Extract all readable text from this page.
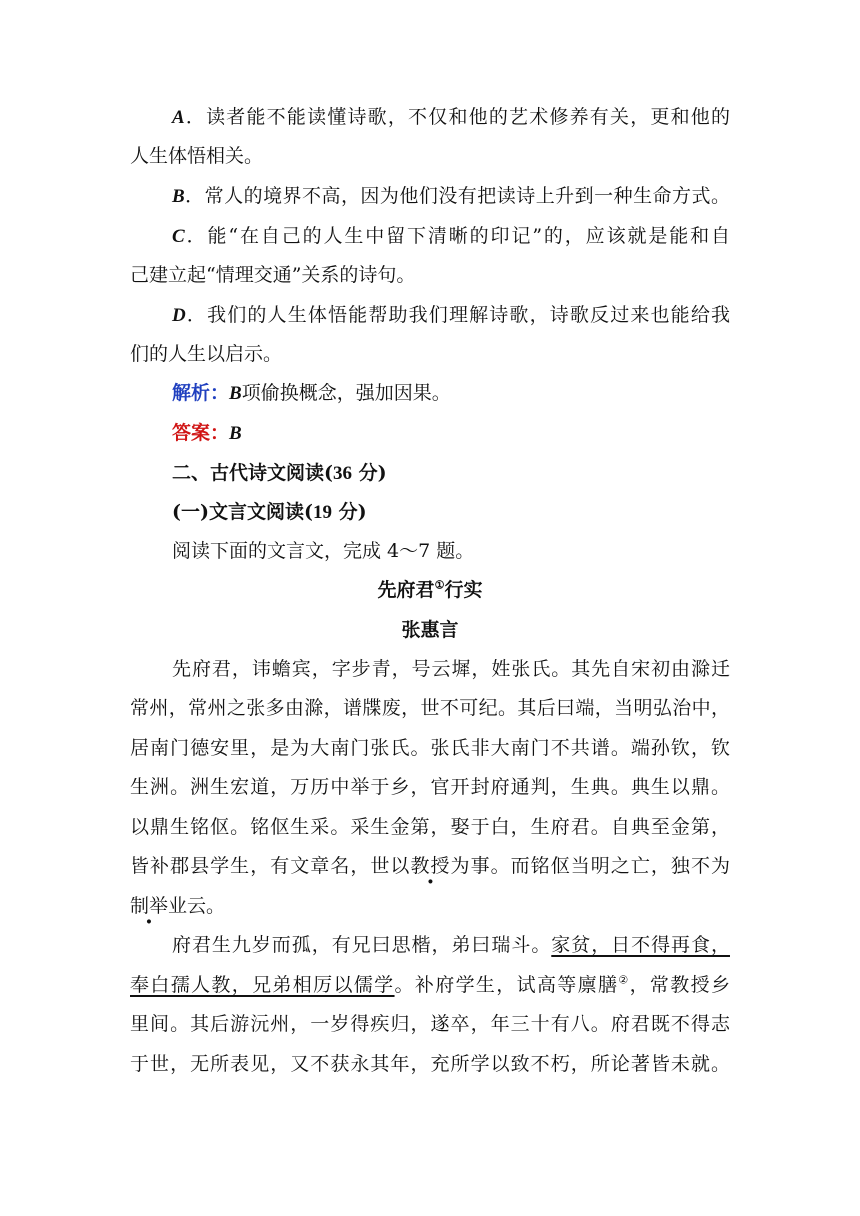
A．读者能不能读懂诗歌，不仅和他的艺术修养有关，更和他的
人生体悟相关。
B．常人的境界不高，因为他们没有把读诗上升到一种生命方式。
C．能“在自己的人生中留下清晰的印记”的，应该就是能和自
己建立起“情理交通”关系的诗句。
D．我们的人生体悟能帮助我们理解诗歌，诗歌反过来也能给我
们的人生以启示。
解析：B项偷换概念，强加因果。
答案：B
二、古代诗文阅读(36 分)
(一)文言文阅读(19 分)
阅读下面的文言文，完成 4～7 题。
先府君①行实
张惠言
先府君，讳蟾宾，字步青，号云墀，姓张氏。其先自宋初由滁迁
常州，常州之张多由滁，谱牒废，世不可纪。其后曰端，当明弘治中，
居南门德安里，是为大南门张氏。张氏非大南门不共谱。端孙钦，钦
生洲。洲生宏道，万历中举于乡，官开封府通判，生典。典生以鼎。
以鼎生铭伛。铭伛生采。采生金第，娶于白，生府君。自典至金第，
皆补郡县学生，有文章名，世以教授为事。而铭伛当明之亡，独不为
制举业云。
府君生九岁而孤，有兄曰思楷，弟曰瑞斗。家贫，日不得再食，
奉白孺人教，兄弟相厉以儒学。补府学生，试高等廪膳②，常教授乡
里间。其后游沅州，一岁得疾归，遂卒，年三十有八。府君既不得志
于世，无所表见，又不获永其年，充所学以致不朽，所论著皆未就。
